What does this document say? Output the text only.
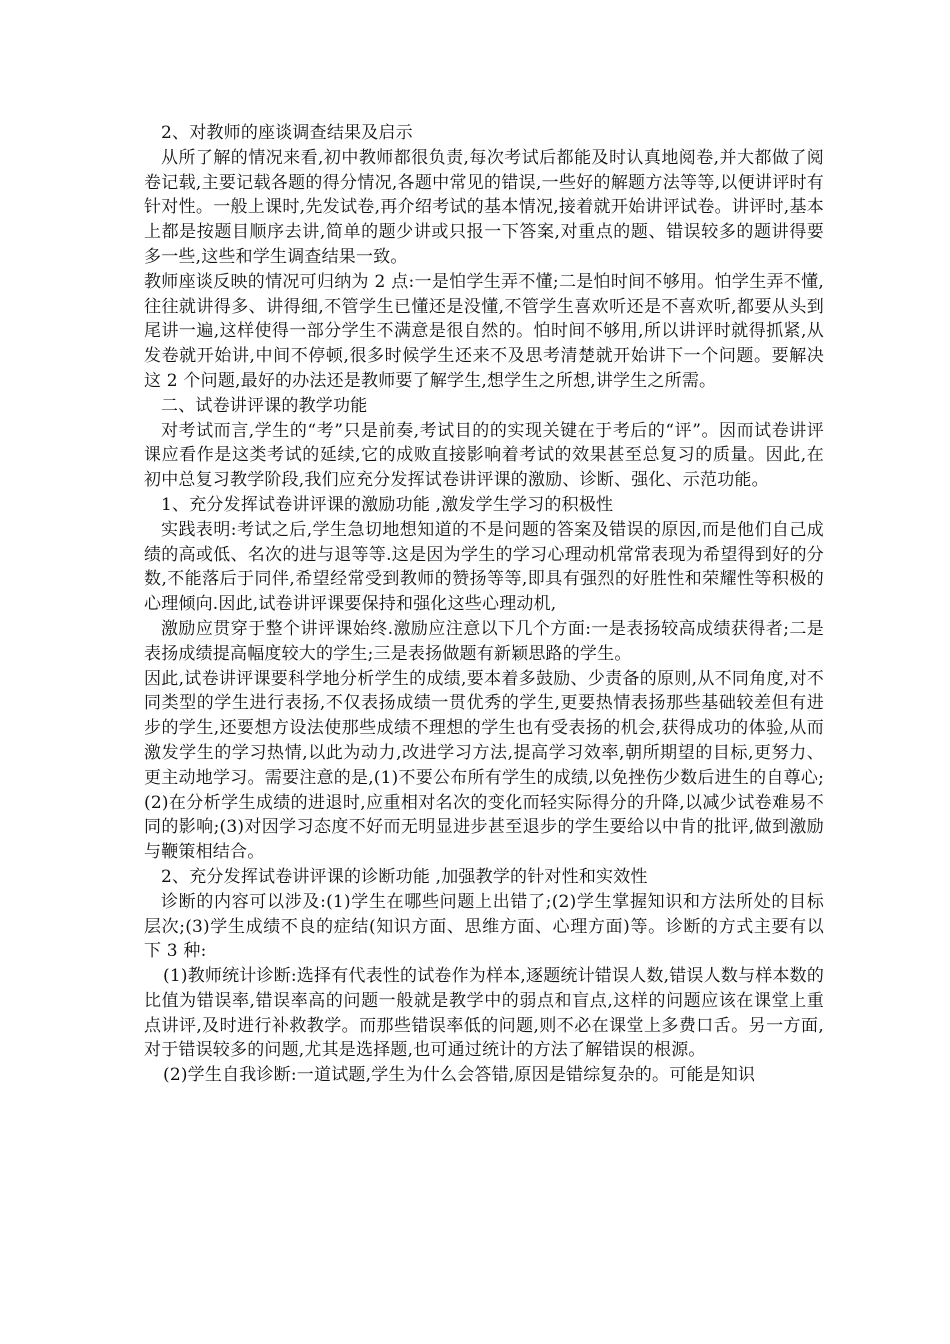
2、对教师的座谈调查结果及启示

从所了解的情况来看,初中教师都很负责,每次考试后都能及时认真地阅卷,并大都做了阅卷记载,主要记载各题的得分情况,各题中常见的错误,一些好的解题方法等等,以便讲评时有针对性。一般上课时,先发试卷,再介绍考试的基本情况,接着就开始讲评试卷。讲评时,基本上都是按题目顺序去讲,简单的题少讲或只报一下答案,对重点的题、错误较多的题讲得要多一些,这些和学生调查结果一致。

教师座谈反映的情况可归纳为 2 点:一是怕学生弄不懂;二是怕时间不够用。怕学生弄不懂,往往就讲得多、讲得细,不管学生已懂还是没懂,不管学生喜欢听还是不喜欢听,都要从头到尾讲一遍,这样使得一部分学生不满意是很自然的。怕时间不够用,所以讲评时就得抓紧,从发卷就开始讲,中间不停顿,很多时候学生还来不及思考清楚就开始讲下一个问题。要解决这 2 个问题,最好的办法还是教师要了解学生,想学生之所想,讲学生之所需。

二、试卷讲评课的教学功能

对考试而言,学生的“考”只是前奏,考试目的的实现关键在于考后的“评”。因而试卷讲评课应看作是这类考试的延续,它的成败直接影响着考试的效果甚至总复习的质量。因此,在初中总复习教学阶段,我们应充分发挥试卷讲评课的激励、诊断、强化、示范功能。

1、充分发挥试卷讲评课的激励功能 ,激发学生学习的积极性

实践表明:考试之后,学生急切地想知道的不是问题的答案及错误的原因,而是他们自己成绩的高或低、名次的进与退等等.这是因为学生的学习心理动机常常表现为希望得到好的分数,不能落后于同伴,希望经常受到教师的赞扬等等,即具有强烈的好胜性和荣耀性等积极的心理倾向.因此,试卷讲评课要保持和强化这些心理动机,

激励应贯穿于整个讲评课始终.激励应注意以下几个方面:一是表扬较高成绩获得者;二是表扬成绩提高幅度较大的学生;三是表扬做题有新颖思路的学生。

因此,试卷讲评课要科学地分析学生的成绩,要本着多鼓励、少责备的原则,从不同角度,对不同类型的学生进行表扬,不仅表扬成绩一贯优秀的学生,更要热情表扬那些基础较差但有进步的学生,还要想方设法使那些成绩不理想的学生也有受表扬的机会,获得成功的体验,从而激发学生的学习热情,以此为动力,改进学习方法,提高学习效率,朝所期望的目标,更努力、更主动地学习。需要注意的是,(1)不要公布所有学生的成绩,以免挫伤少数后进生的自尊心;(2)在分析学生成绩的进退时,应重相对名次的变化而轻实际得分的升降,以减少试卷难易不同的影响;(3)对因学习态度不好而无明显进步甚至退步的学生要给以中肯的批评,做到激励与鞭策相结合。

2、充分发挥试卷讲评课的诊断功能 ,加强教学的针对性和实效性

诊断的内容可以涉及:(1)学生在哪些问题上出错了;(2)学生掌握知识和方法所处的目标层次;(3)学生成绩不良的症结(知识方面、思维方面、心理方面)等。诊断的方式主要有以下 3 种:

(1)教师统计诊断:选择有代表性的试卷作为样本,逐题统计错误人数,错误人数与样本数的比值为错误率,错误率高的问题一般就是教学中的弱点和盲点,这样的问题应该在课堂上重点讲评,及时进行补救教学。而那些错误率低的问题,则不必在课堂上多费口舌。另一方面,对于错误较多的问题,尤其是选择题,也可通过统计的方法了解错误的根源。

(2)学生自我诊断:一道试题,学生为什么会答错,原因是错综复杂的。可能是知识
